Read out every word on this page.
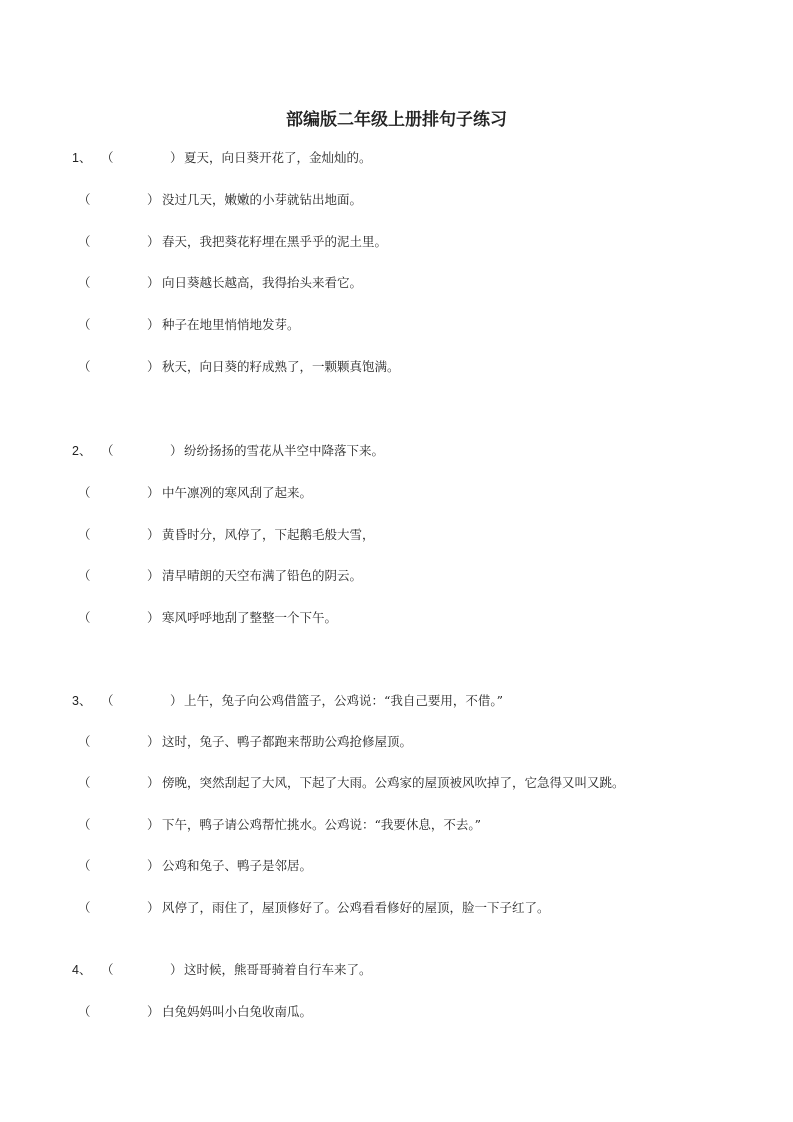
部编版二年级上册排句子练习
1、 （	） 夏天，向日葵开花了，金灿灿的。
（	） 没过几天，嫩嫩的小芽就钻出地面。
（	） 春天，我把葵花籽埋在黑乎乎的泥土里。
（	） 向日葵越长越高，我得抬头来看它。
（	） 种子在地里悄悄地发芽。
（	） 秋天，向日葵的籽成熟了，一颗颗真饱满。
2、 （	） 纷纷扬扬的雪花从半空中降落下来。
（	） 中午凛冽的寒风刮了起来。
（	） 黄昏时分，风停了，下起鹅毛般大雪，
（	） 清早晴朗的天空布满了铅色的阴云。
（	） 寒风呼呼地刮了整整一个下午。
3、 （	） 上午，兔子向公鸡借篮子，公鸡说：“我自己要用，不借。”
（	） 这时，兔子、鸭子都跑来帮助公鸡抢修屋顶。
（	） 傍晚，突然刮起了大风，下起了大雨。公鸡家的屋顶被风吹掉了，它急得又叫又跳。
（	） 下午，鸭子请公鸡帮忙挑水。公鸡说：“我要休息，不去。”
（	） 公鸡和兔子、鸭子是邻居。
（	） 风停了，雨住了，屋顶修好了。公鸡看看修好的屋顶，脸一下子红了。
4、 （	） 这时候，熊哥哥骑着自行车来了。
（	） 白兔妈妈叫小白兔收南瓜。
